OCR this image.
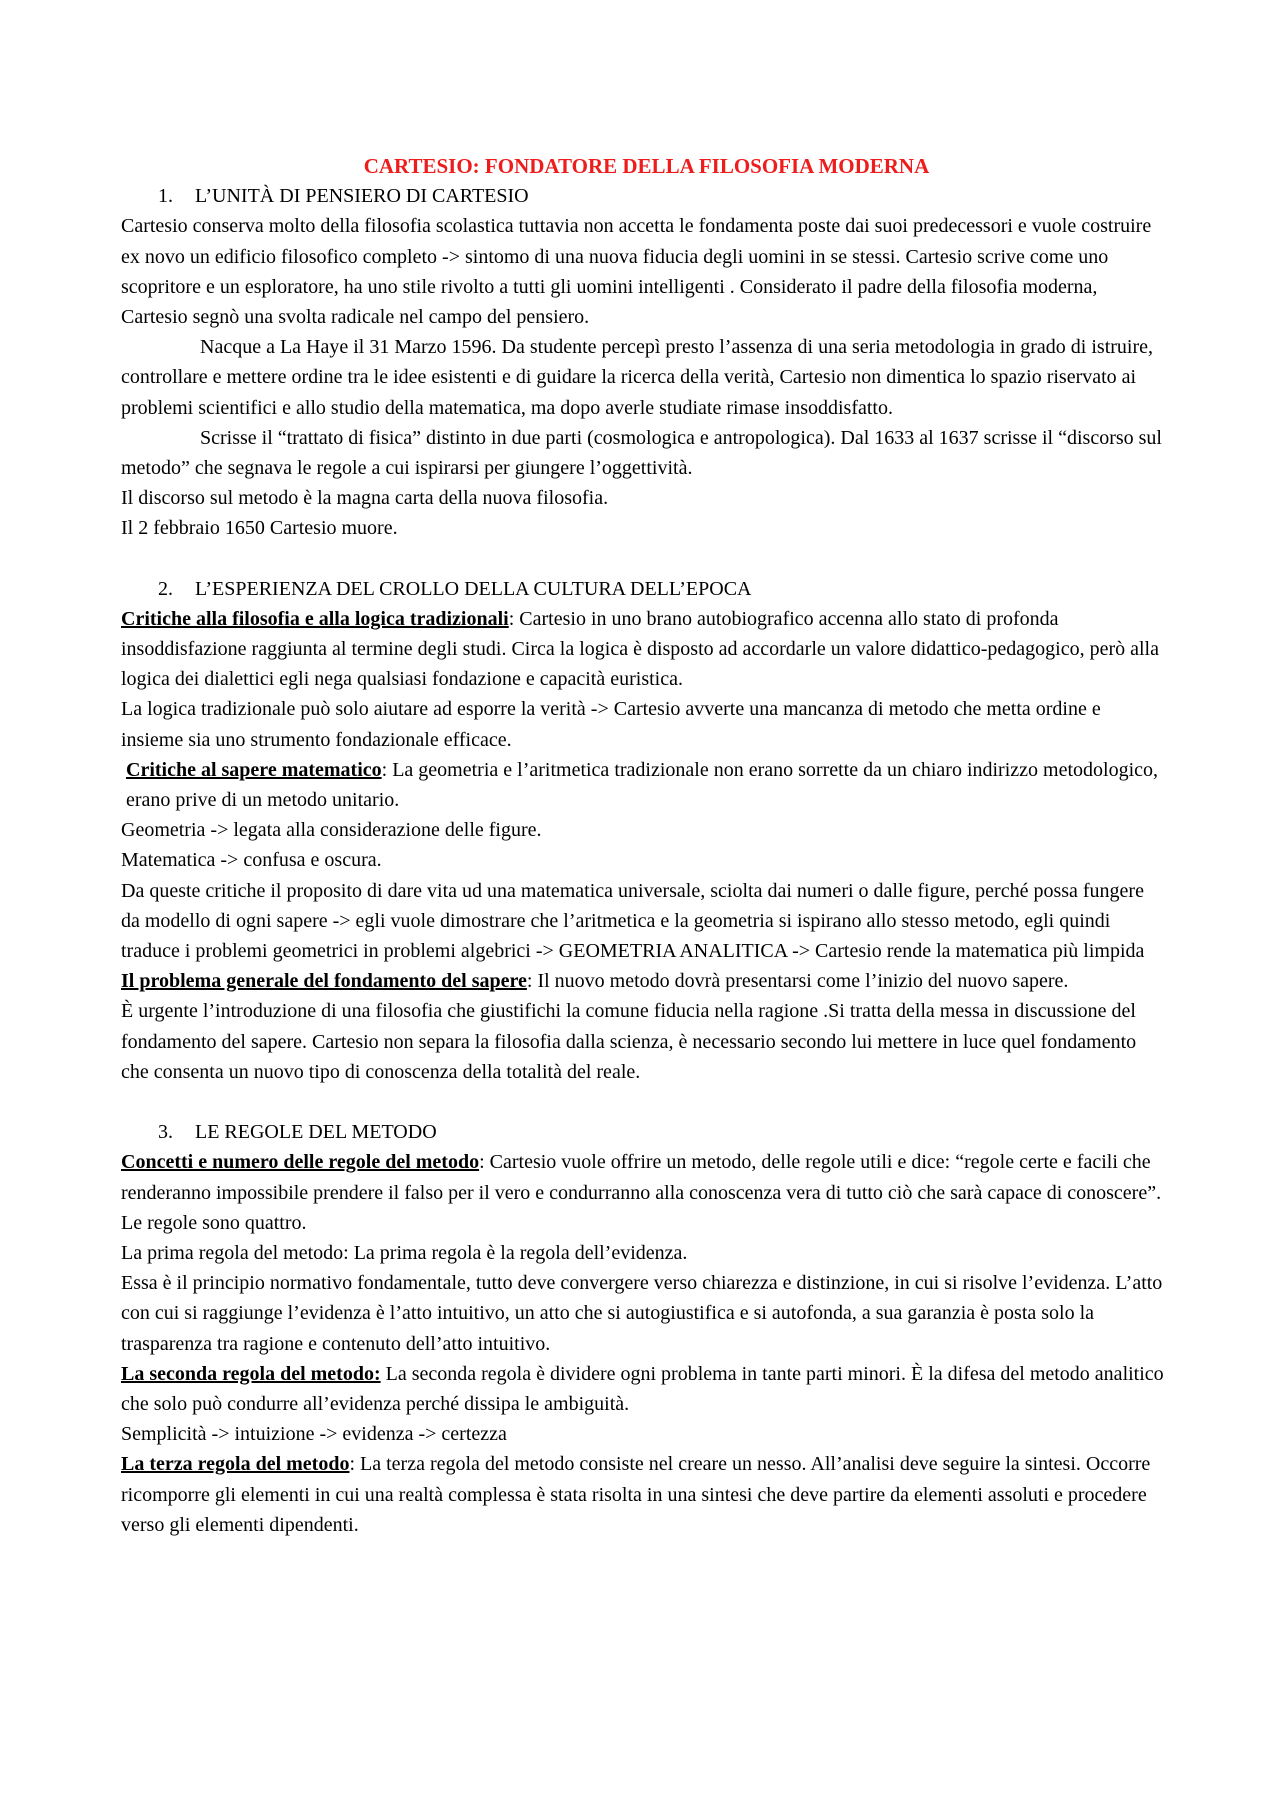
CARTESIO: FONDATORE DELLA FILOSOFIA MODERNA
1. L’UNITÀ DI PENSIERO DI CARTESIO

Cartesio conserva molto della filosofia scolastica tuttavia non accetta le fondamenta poste dai suoi predecessori e vuole costruire ex novo un edificio filosofico completo -> sintomo di una nuova fiducia degli uomini in se stessi. Cartesio scrive come uno scopritore e un esploratore, ha uno stile rivolto a tutti gli uomini intelligenti . Considerato il padre della filosofia moderna, Cartesio segnò una svolta radicale nel campo del pensiero.

Nacque a La Haye il 31 Marzo 1596. Da studente percepì presto l’assenza di una seria metodologia in grado di istruire, controllare e mettere ordine tra le idee esistenti e di guidare la ricerca della verità, Cartesio non dimentica lo spazio riservato ai problemi scientifici e allo studio della matematica, ma dopo averle studiate rimase insoddisfatto.

Scrisse il “trattato di fisica” distinto in due parti (cosmologica e antropologica). Dal 1633 al 1637 scrisse il “discorso sul metodo” che segnava le regole a cui ispirarsi per giungere l’oggettività.

Il discorso sul metodo è la magna carta della nuova filosofia.

Il 2 febbraio 1650 Cartesio muore.

2. L’ESPERIENZA DEL CROLLO DELLA CULTURA DELL’EPOCA

Critiche alla filosofia e alla logica tradizionali: Cartesio in uno brano autobiografico accenna allo stato di profonda insoddisfazione raggiunta al termine degli studi. Circa la logica è disposto ad accordarle un valore didattico-pedagogico, però alla logica dei dialettici egli nega qualsiasi fondazione e capacità euristica.

La logica tradizionale può solo aiutare ad esporre la verità -> Cartesio avverte una mancanza di metodo che metta ordine e insieme sia uno strumento fondazionale efficace.

Critiche al sapere matematico: La geometria e l’aritmetica tradizionale non erano sorrette da un chiaro indirizzo metodologico, erano prive di un metodo unitario.

Geometria -> legata alla considerazione delle figure.

Matematica -> confusa e oscura.

Da queste critiche il proposito di dare vita ud una matematica universale, sciolta dai numeri o dalle figure, perché possa fungere da modello di ogni sapere -> egli vuole dimostrare che l’aritmetica e la geometria si ispirano allo stesso metodo, egli quindi traduce i problemi geometrici in problemi algebrici -> GEOMETRIA ANALITICA -> Cartesio rende la matematica più limpida

Il problema generale del fondamento del sapere: Il nuovo metodo dovrà presentarsi come l’inizio del nuovo sapere.

È urgente l’introduzione di una filosofia che giustifichi la comune fiducia nella ragione .Si tratta della messa in discussione del fondamento del sapere. Cartesio non separa la filosofia dalla scienza, è necessario secondo lui mettere in luce quel fondamento che consenta un nuovo tipo di conoscenza della totalità del reale.

3. LE REGOLE DEL METODO

Concetti e numero delle regole del metodo: Cartesio vuole offrire un metodo, delle regole utili e dice: “regole certe e facili che renderanno impossibile prendere il falso per il vero e condurranno alla conoscenza vera di tutto ciò che sarà capace di conoscere”. Le regole sono quattro.

La prima regola del metodo: La prima regola è la regola dell’evidenza.

Essa è il principio normativo fondamentale, tutto deve convergere verso chiarezza e distinzione, in cui si risolve l’evidenza. L’atto con cui si raggiunge l’evidenza è l’atto intuitivo, un atto che si autogiustifica e si autofonda, a sua garanzia è posta solo la trasparenza tra ragione e contenuto dell’atto intuitivo.

La seconda regola del metodo: La seconda regola è dividere ogni problema in tante parti minori. È la difesa del metodo analitico che solo può condurre all’evidenza perché dissipa le ambiguità.

Semplicità -> intuizione -> evidenza -> certezza

La terza regola del metodo: La terza regola del metodo consiste nel creare un nesso. All’analisi deve seguire la sintesi. Occorre ricomporre gli elementi in cui una realtà complessa è stata risolta in una sintesi che deve partire da elementi assoluti e procedere verso gli elementi dipendenti.
